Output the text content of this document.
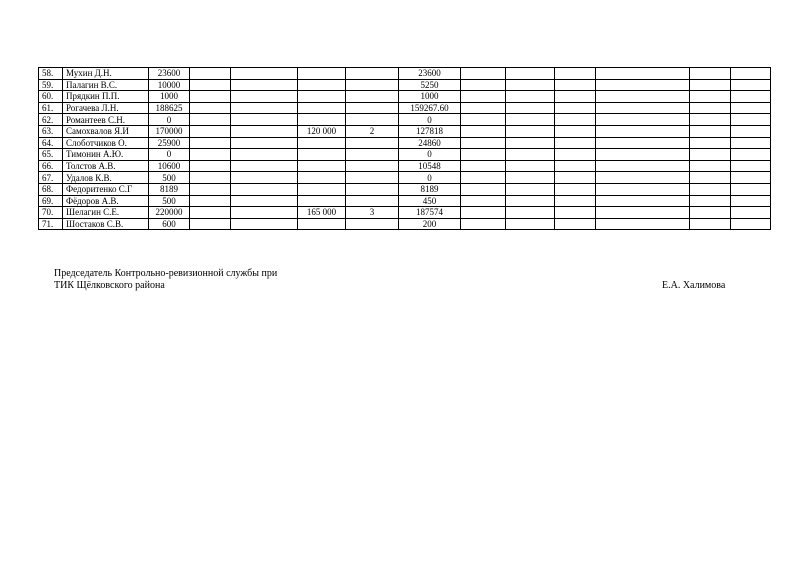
58.	Мухин Д.Н.	23600					23600						
59.	Палагин В.С.	10000					5250						
60.	Прядкин П.П.	1000					1000						
61.	Рогачева Л.Н.	188625					159267.60						
62.	Романтеев С.Н.	0					0						
63.	Самохвалов Я.И	170000			120 000	2	127818						
64.	Слоботчиков О.	25900					24860						
65.	Тимонин А.Ю.	0					0						
66.	Толстов А.В.	10600					10548						
67.	Удалов К.В.	500					0						
68.	Федоритенко С.Г	8189					8189						
69.	Фёдоров А.В.	500					450						
70.	Шелагин С.Е.	220000			165 000	3	187574						
71.	Шостаков С.В.	600					200						
Председатель Контрольно-ревизионной службы при
ТИК Щёлковского района	Е.А. Халимова
